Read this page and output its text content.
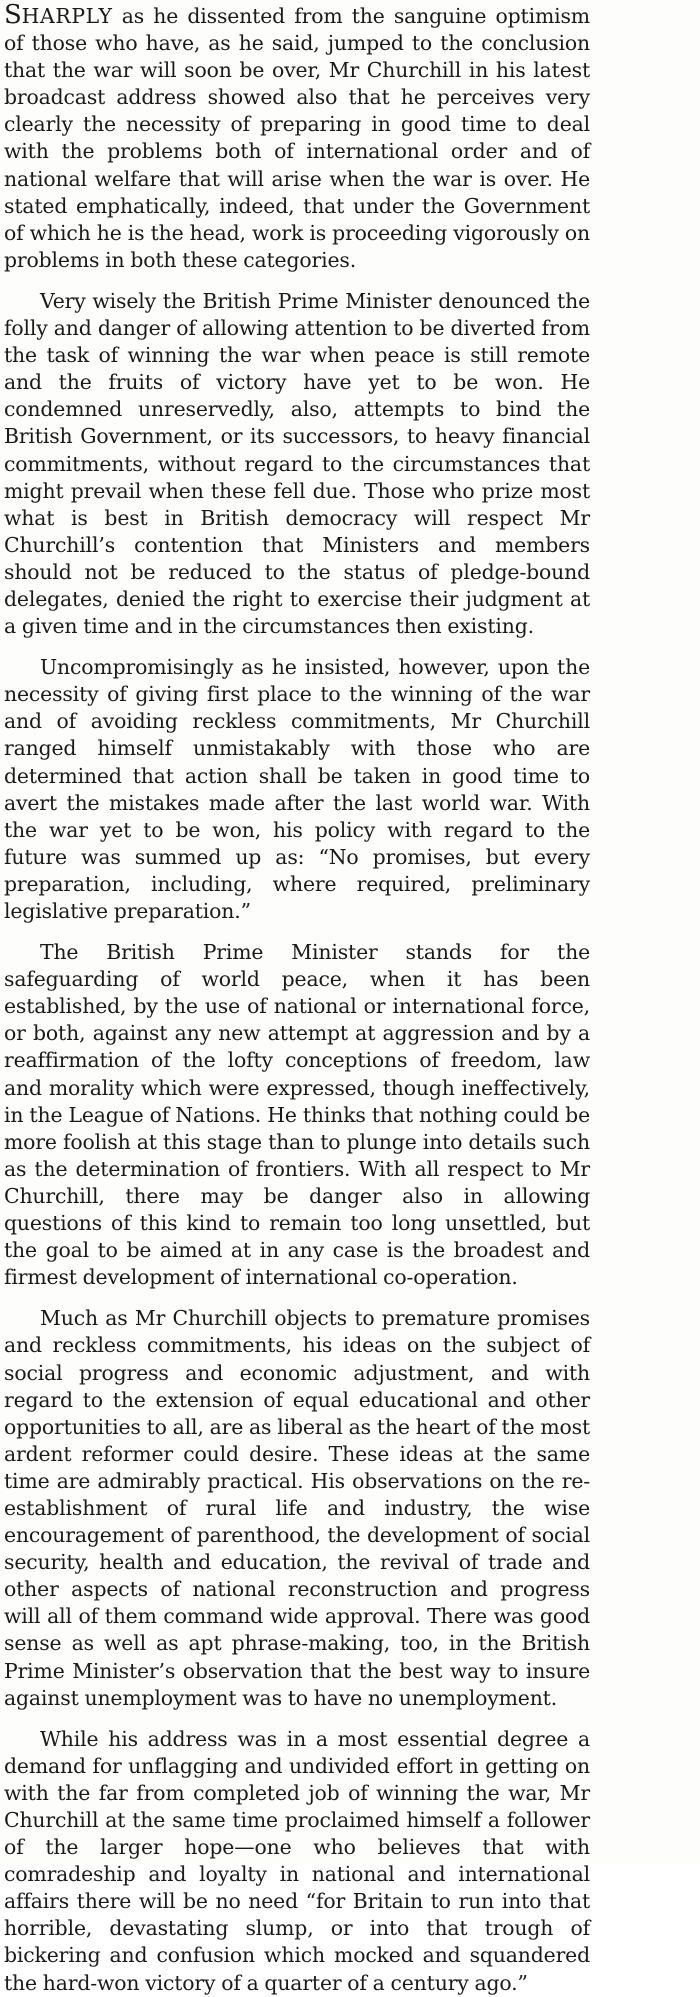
SHARPLY as he dissented from the sanguine optimism of those who have, as he said, jumped to the conclusion that the war will soon be over, Mr Churchill in his latest broadcast address showed also that he perceives very clearly the necessity of preparing in good time to deal with the problems both of international order and of national welfare that will arise when the war is over. He stated emphatically, indeed, that under the Government of which he is the head, work is proceeding vigorously on problems in both these categories.

Very wisely the British Prime Minister denounced the folly and danger of allowing attention to be diverted from the task of winning the war when peace is still remote and the fruits of victory have yet to be won. He condemned unreservedly, also, attempts to bind the British Government, or its successors, to heavy financial commitments, without regard to the circumstances that might prevail when these fell due. Those who prize most what is best in British democracy will respect Mr Churchill’s contention that Ministers and members should not be reduced to the status of pledge-bound delegates, denied the right to exercise their judgment at a given time and in the circumstances then existing.

Uncompromisingly as he insisted, however, upon the necessity of giving first place to the winning of the war and of avoiding reckless commitments, Mr Churchill ranged himself unmistakably with those who are determined that action shall be taken in good time to avert the mistakes made after the last world war. With the war yet to be won, his policy with regard to the future was summed up as: “No promises, but every preparation, including, where required, preliminary legislative preparation.”

The British Prime Minister stands for the safeguarding of world peace, when it has been established, by the use of national or international force, or both, against any new attempt at aggression and by a reaffirmation of the lofty conceptions of freedom, law and morality which were expressed, though ineffectively, in the League of Nations. He thinks that nothing could be more foolish at this stage than to plunge into details such as the determination of frontiers. With all respect to Mr Churchill, there may be danger also in allowing questions of this kind to remain too long unsettled, but the goal to be aimed at in any case is the broadest and firmest development of international co-operation.

Much as Mr Churchill objects to premature promises and reckless commitments, his ideas on the subject of social progress and economic adjustment, and with regard to the extension of equal educational and other opportunities to all, are as liberal as the heart of the most ardent reformer could desire. These ideas at the same time are admirably practical. His observations on the re-establishment of rural life and industry, the wise encouragement of parenthood, the development of social security, health and education, the revival of trade and other aspects of national reconstruction and progress will all of them command wide approval. There was good sense as well as apt phrase-making, too, in the British Prime Minister’s observation that the best way to insure against unemployment was to have no unemployment.

While his address was in a most essential degree a demand for unflagging and undivided effort in getting on with the far from completed job of winning the war, Mr Churchill at the same time proclaimed himself a follower of the larger hope—one who believes that with comradeship and loyalty in national and international affairs there will be no need “for Britain to run into that horrible, devastating slump, or into that trough of bickering and confusion which mocked and squandered the hard-won victory of a quarter of a century ago.”
